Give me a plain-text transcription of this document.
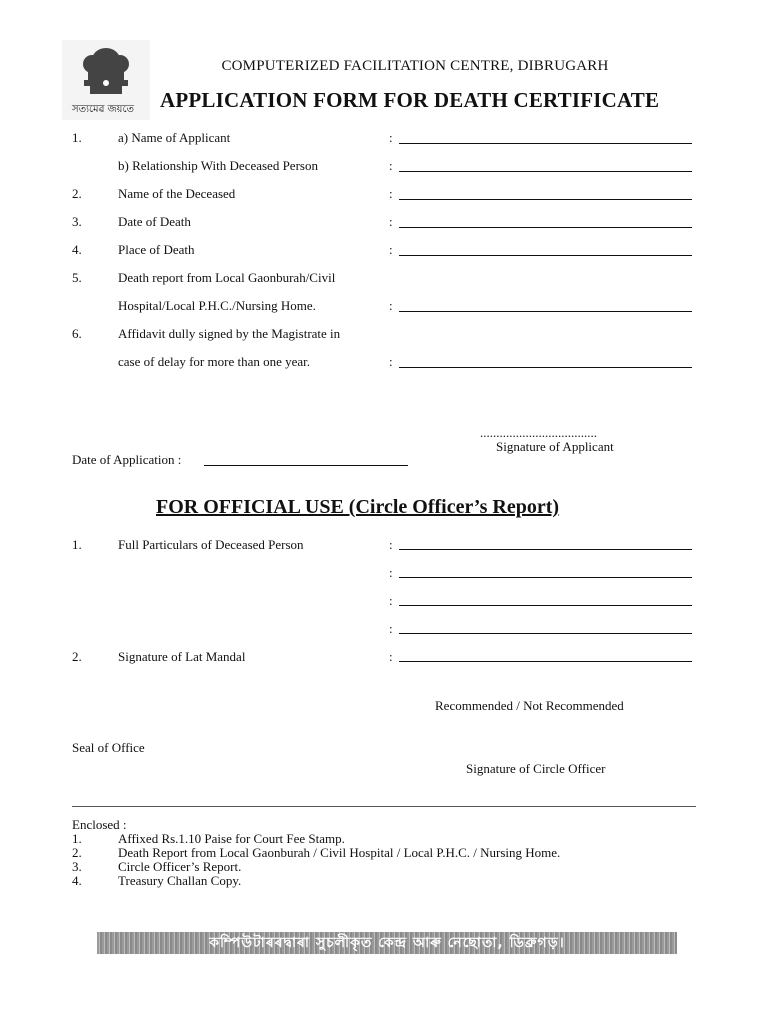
সত্যমেৱ জয়তে
COMPUTERIZED FACILITATION CENTRE, DIBRUGARH
APPLICATION FORM FOR DEATH CERTIFICATE
1.	a) Name of Applicant	:
b) Relationship With Deceased Person	:
2.	Name of the Deceased	:
3.	Date of Death	:
4.	Place of Death	:
5.	Death report from Local Gaonburah/Civil
Hospital/Local P.H.C./Nursing Home.	:
6.	Affidavit dully signed by the Magistrate in
case of delay for more than one year.	:
....................................
Signature of Applicant
Date of Application :
FOR OFFICIAL USE (Circle Officer’s Report)
1.	Full Particulars of Deceased Person	:
:
:
:
2.	Signature of Lat Mandal	:
Recommended / Not Recommended
Seal of Office
Signature of Circle Officer
Enclosed :
1.	Affixed Rs.1.10 Paise for Court Fee Stamp.
2.	Death Report from Local Gaonburah / Civil Hospital / Local P.H.C. / Nursing Home.
3.	Circle Officer’s Report.
4.	Treasury Challan Copy.
কম্পিউটাৰৰদ্বাৰা সুচলীকৃত কেন্দ্ৰ আৰু নেছোতা, ডিব্ৰুগড়।
